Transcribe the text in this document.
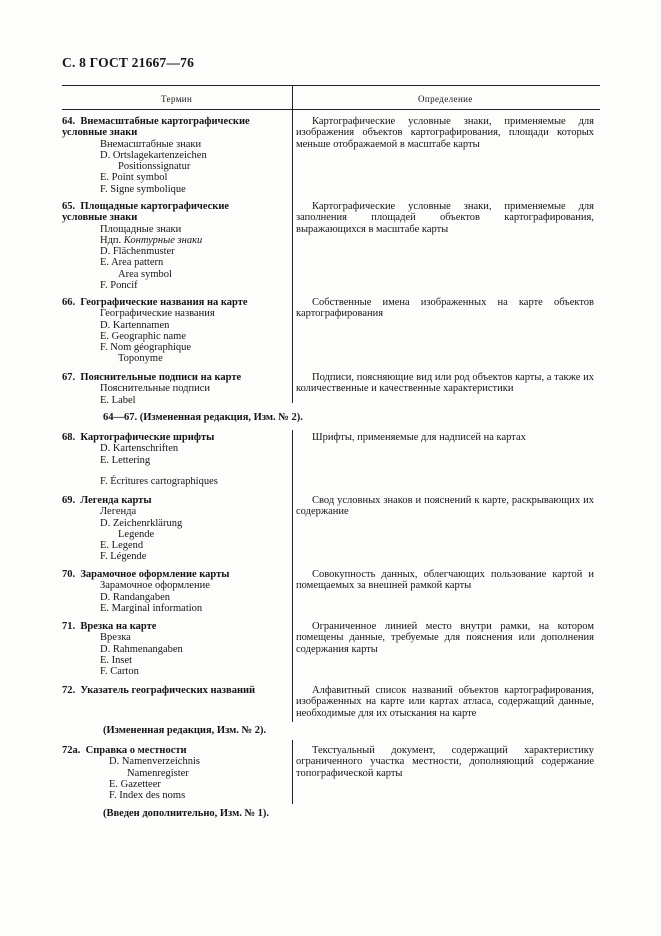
С. 8 ГОСТ 21667—76
Термин	Определение
64. Внемасштабные картографические
условные знаки
Внемасштабные знаки
D. Ortslagekartenzeichen
Positionssignatur
E. Point symbol
F. Signe symbolique
Картографические условные знаки, применяемые для изображения объектов картографирования, площади которых меньше отображаемой в масштабе карты
65. Площадные картографические
условные знаки
Площадные знаки
Ндп. Контурные знаки
D. Flächenmuster
E. Area pattern
Area symbol
F. Poncif
Картографические условные знаки, применяемые для заполнения площадей объектов картографирования, выражающихся в масштабе карты
66. Географические названия на карте
Географические названия
D. Kartennamen
E. Geographic name
F. Nom géographique
Toponyme
Собственные имена изображенных на карте объектов картографирования
67. Пояснительные подписи на карте
Пояснительные подписи
E. Label
Подписи, поясняющие вид или род объектов карты, а также их количественные и качественные характеристики
64—67. (Измененная редакция, Изм. № 2).
68. Картографические шрифты
D. Kartenschriften
E. Lettering
F. Écritures cartographiques
Шрифты, применяемые для надписей на картах
69. Легенда карты
Легенда
D. Zeichenrklärung
Legende
E. Legend
F. Légende
Свод условных знаков и пояснений к карте, раскрывающих их содержание
70. Зарамочное оформление карты
Зарамочное оформление
D. Randangaben
E. Marginal information
Совокупность данных, облегчающих пользование картой и помещаемых за внешней рамкой карты
71. Врезка на карте
Врезка
D. Rahmenangaben
E. Inset
F. Carton
Ограниченное линией место внутри рамки, на котором помещены данные, требуемые для пояснения или дополнения содержания карты
72. Указатель географических названий	Алфавитный список названий объектов картографирования, изображенных на карте или картах атласа, содержащий данные, необходимые для их отыскания на карте
(Измененная редакция, Изм. № 2).
72а. Справка о местности
D. Namenverzeichnis
Namenregister
E. Gazetteer
F. Index des noms
Текстуальный документ, содержащий характеристику ограниченного участка местности, дополняющий содержание топографической карты
(Введен дополнительно, Изм. № 1).
